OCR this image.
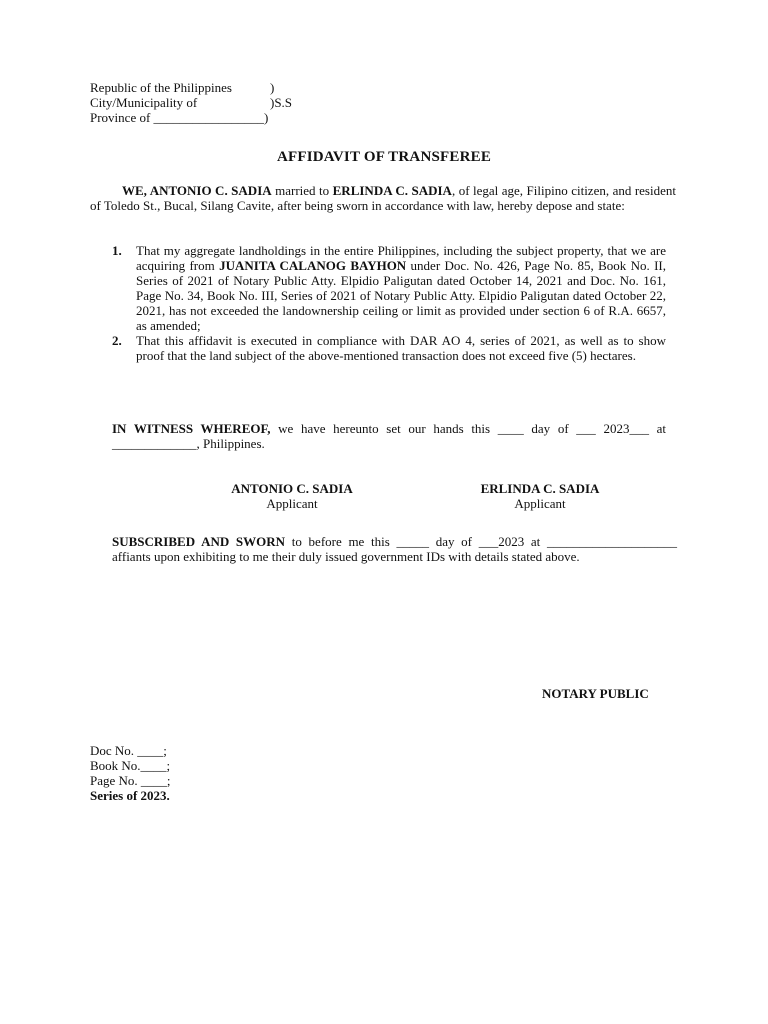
Republic of the Philippines	)
City/Municipality of	)S.S
Province of _________________)
AFFIDAVIT OF TRANSFEREE
WE, ANTONIO C. SADIA married to ERLINDA C. SADIA, of legal age, Filipino citizen, and resident of Toledo St., Bucal, Silang Cavite, after being sworn in accordance with law, hereby depose and state:
1. That my aggregate landholdings in the entire Philippines, including the subject property, that we are acquiring from JUANITA CALANOG BAYHON under Doc. No. 426, Page No. 85, Book No. II, Series of 2021 of Notary Public Atty. Elpidio Paligutan dated October 14, 2021 and Doc. No. 161, Page No. 34, Book No. III, Series of 2021 of Notary Public Atty. Elpidio Paligutan dated October 22, 2021, has not exceeded the landownership ceiling or limit as provided under section 6 of R.A. 6657, as amended;
2. That this affidavit is executed in compliance with DAR AO 4, series of 2021, as well as to show proof that the land subject of the above-mentioned transaction does not exceed five (5) hectares.
IN WITNESS WHEREOF, we have hereunto set our hands this ____ day of ___ 2023___ at _____________, Philippines.
ANTONIO C. SADIA
Applicant
ERLINDA C. SADIA
Applicant
SUBSCRIBED AND SWORN to before me this _____ day of ___2023 at ____________________ affiants upon exhibiting to me their duly issued government IDs with details stated above.
NOTARY PUBLIC
Doc No. ____;
Book No.____;
Page No. ____;
Series of 2023.
